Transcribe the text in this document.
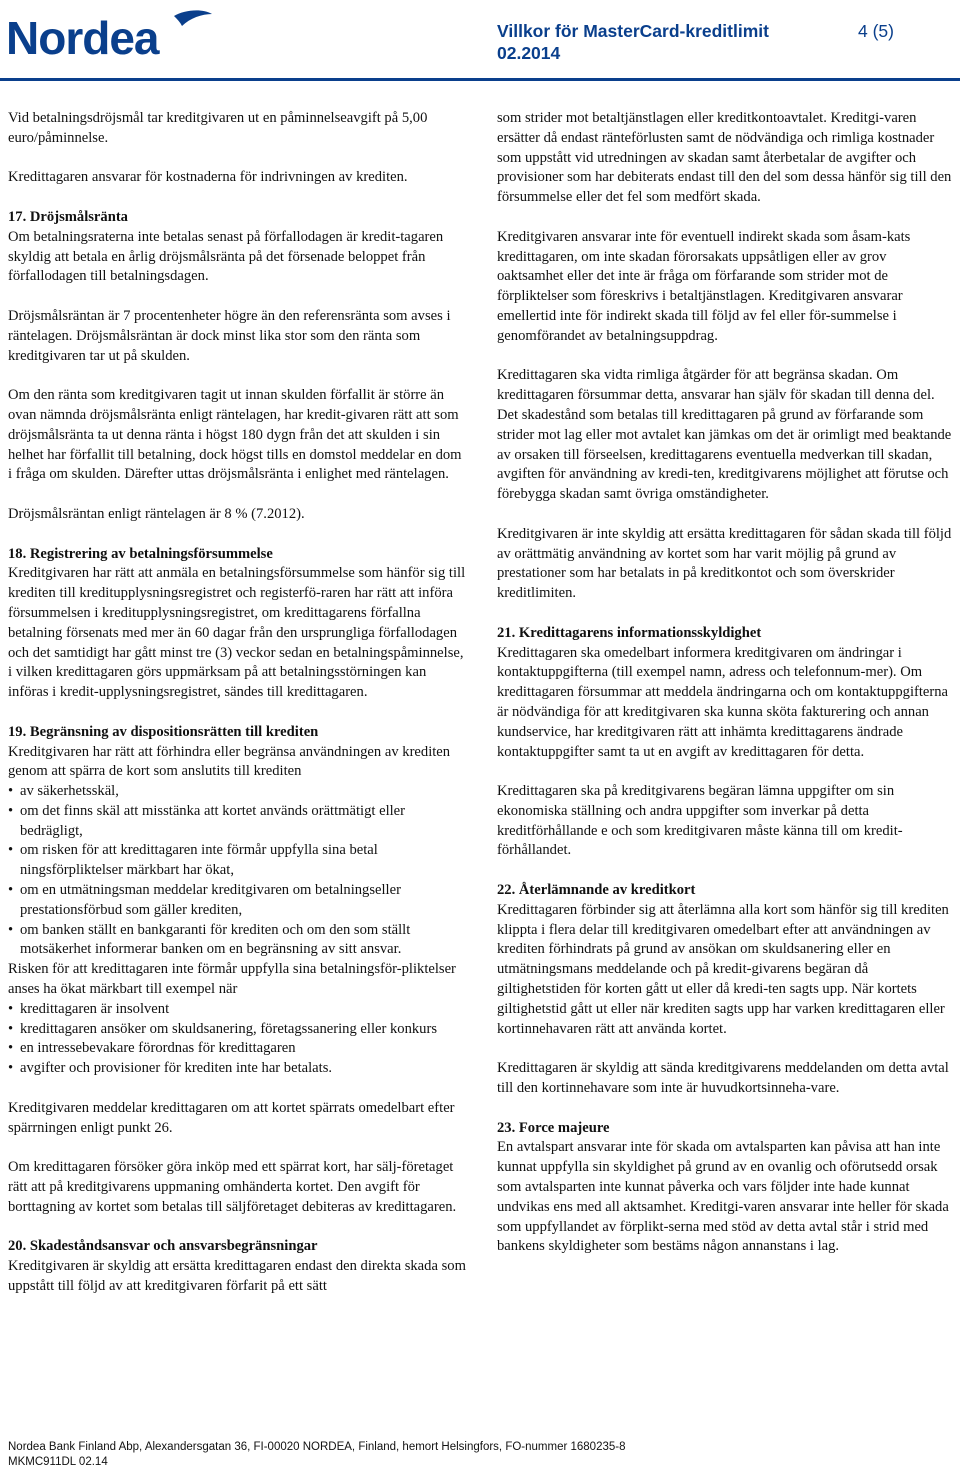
Nordea	Villkor för MasterCard-kreditlimit 02.2014
4 (5)

Vid betalningsdröjsmål tar kreditgivaren ut en påminnelseavgift på 5,00 euro/påminnelse.

Kredittagaren ansvarar för kostnaderna för indrivningen av krediten.

17. Dröjsmålsränta

Om betalningsraterna inte betalas senast på förfallodagen är kredit-tagaren skyldig att betala en årlig dröjsmålsränta på det försenade beloppet från förfallodagen till betalningsdagen.

Dröjsmålsräntan är 7 procentenheter högre än den referensränta som avses i räntelagen. Dröjsmålsräntan är dock minst lika stor som den ränta som kreditgivaren tar ut på skulden.

Om den ränta som kreditgivaren tagit ut innan skulden förfallit är större än ovan nämnda dröjsmålsränta enligt räntelagen, har kredit-givaren rätt att som dröjsmålsränta ta ut denna ränta i högst 180 dygn från det att skulden i sin helhet har förfallit till betalning, dock högst tills en domstol meddelar en dom i fråga om skulden. Därefter uttas dröjsmålsränta i enlighet med räntelagen.

Dröjsmålsräntan enligt räntelagen är 8 % (7.2012).

18. Registrering av betalningsförsummelse

Kreditgivaren har rätt att anmäla en betalningsförsummelse som hänför sig till krediten till kreditupplysningsregistret och registerfö-raren har rätt att införa försummelsen i kreditupplysningsregistret, om kredittagarens förfallna betalning försenats med mer än 60 dagar från den ursprungliga förfallodagen och det samtidigt har gått minst tre (3) veckor sedan en betalningspåminnelse, i vilken kredittagaren görs uppmärksam på att betalningsstörningen kan införas i kredit-upplysningsregistret, sändes till kredittagaren.

19. Begränsning av dispositionsrätten till krediten

Kreditgivaren har rätt att förhindra eller begränsa användningen av krediten genom att spärra de kort som anslutits till krediten

• av säkerhetsskäl,
• om det finns skäl att misstänka att kortet används orättmätigt eller bedrägligt,
• om risken för att kredittagaren inte förmår uppfylla sina betal ningsförpliktelser märkbart har ökat,
• om en utmätningsman meddelar kreditgivaren om betalningseller prestationsförbud som gäller krediten,
• om banken ställt en bankgaranti för krediten och om den som ställt motsäkerhet informerar banken om en begränsning av sitt ansvar.

Risken för att kredittagaren inte förmår uppfylla sina betalningsför-pliktelser anses ha ökat märkbart till exempel när

• kredittagaren är insolvent
• kredittagaren ansöker om skuldsanering, företagssanering eller konkurs
• en intressebevakare förordnas för kredittagaren
• avgifter och provisioner för krediten inte har betalats.

Kreditgivaren meddelar kredittagaren om att kortet spärrats omedelbart efter spärrningen enligt punkt 26.

Om kredittagaren försöker göra inköp med ett spärrat kort, har sälj-företaget rätt att på kreditgivarens uppmaning omhänderta kortet. Den avgift för borttagning av kortet som betalas till säljföretaget debiteras av kredittagaren.

20. Skadeståndsansvar och ansvarsbegränsningar

Kreditgivaren är skyldig att ersätta kredittagaren endast den direkta skada som uppstått till följd av att kreditgivaren förfarit på ett sätt

som strider mot betaltjänstlagen eller kreditkontoavtalet. Kreditgi-varen ersätter då endast ränteförlusten samt de nödvändiga och rimliga kostnader som uppstått vid utredningen av skadan samt återbetalar de avgifter och provisioner som har debiterats endast till den del som dessa hänför sig till den försummelse eller det fel som medfört skada.

Kreditgivaren ansvarar inte för eventuell indirekt skada som åsam-kats kredittagaren, om inte skadan förorsakats uppsåtligen eller av grov oaktsamhet eller det inte är fråga om förfarande som strider mot de förpliktelser som föreskrivs i betaltjänstlagen. Kreditgivaren ansvarar emellertid inte för indirekt skada till följd av fel eller för-summelse i genomförandet av betalningsuppdrag.

Kredittagaren ska vidta rimliga åtgärder för att begränsa skadan. Om kredittagaren försummar detta, ansvarar han själv för skadan till denna del. Det skadestånd som betalas till kredittagaren på grund av förfarande som strider mot lag eller mot avtalet kan jämkas om det är orimligt med beaktande av orsaken till förseelsen, kredittagarens eventuella medverkan till skadan, avgiften för användning av kredi-ten, kreditgivarens möjlighet att förutse och förebygga skadan samt övriga omständigheter.

Kreditgivaren är inte skyldig att ersätta kredittagaren för sådan skada till följd av orättmätig användning av kortet som har varit möjlig på grund av prestationer som har betalats in på kreditkontot och som överskrider kreditlimiten.

21. Kredittagarens informationsskyldighet

Kredittagaren ska omedelbart informera kreditgivaren om ändringar i kontaktuppgifterna (till exempel namn, adress och telefonnum-mer). Om kredittagaren försummar att meddela ändringarna och om kontaktuppgifterna är nödvändiga för att kreditgivaren ska kunna sköta fakturering och annan kundservice, har kreditgivaren rätt att inhämta kredittagarens ändrade kontaktuppgifter samt ta ut en avgift av kredittagaren för detta.

Kredittagaren ska på kreditgivarens begäran lämna uppgifter om sin ekonomiska ställning och andra uppgifter som inverkar på detta kreditförhållande e och som kreditgivaren måste känna till om kredit-förhållandet.

22. Återlämnande av kreditkort

Kredittagaren förbinder sig att återlämna alla kort som hänför sig till krediten klippta i flera delar till kreditgivaren omedelbart efter att användningen av krediten förhindrats på grund av ansökan om skuldsanering eller en utmätningsmans meddelande och på kredit-givarens begäran då giltighetstiden för korten gått ut eller då kredi-ten sagts upp. När kortets giltighetstid gått ut eller när krediten sagts upp har varken kredittagaren eller kortinnehavaren rätt att använda kortet.

Kredittagaren är skyldig att sända kreditgivarens meddelanden om detta avtal till den kortinnehavare som inte är huvudkortsinneha-vare.

23. Force majeure

En avtalspart ansvarar inte för skada om avtalsparten kan påvisa att han inte kunnat uppfylla sin skyldighet på grund av en ovanlig och oförutsedd orsak som avtalsparten inte kunnat påverka och vars följder inte hade kunnat undvikas ens med all aktsamhet. Kreditgi-varen ansvarar inte heller för skada som uppfyllandet av förplikt-serna med stöd av detta avtal står i strid med bankens skyldigheter som bestäms någon annanstans i lag.

Nordea Bank Finland Abp, Alexandersgatan 36, FI-00020 NORDEA, Finland, hemort Helsingfors, FO-nummer 1680235-8
MKMC911DL 02.14
